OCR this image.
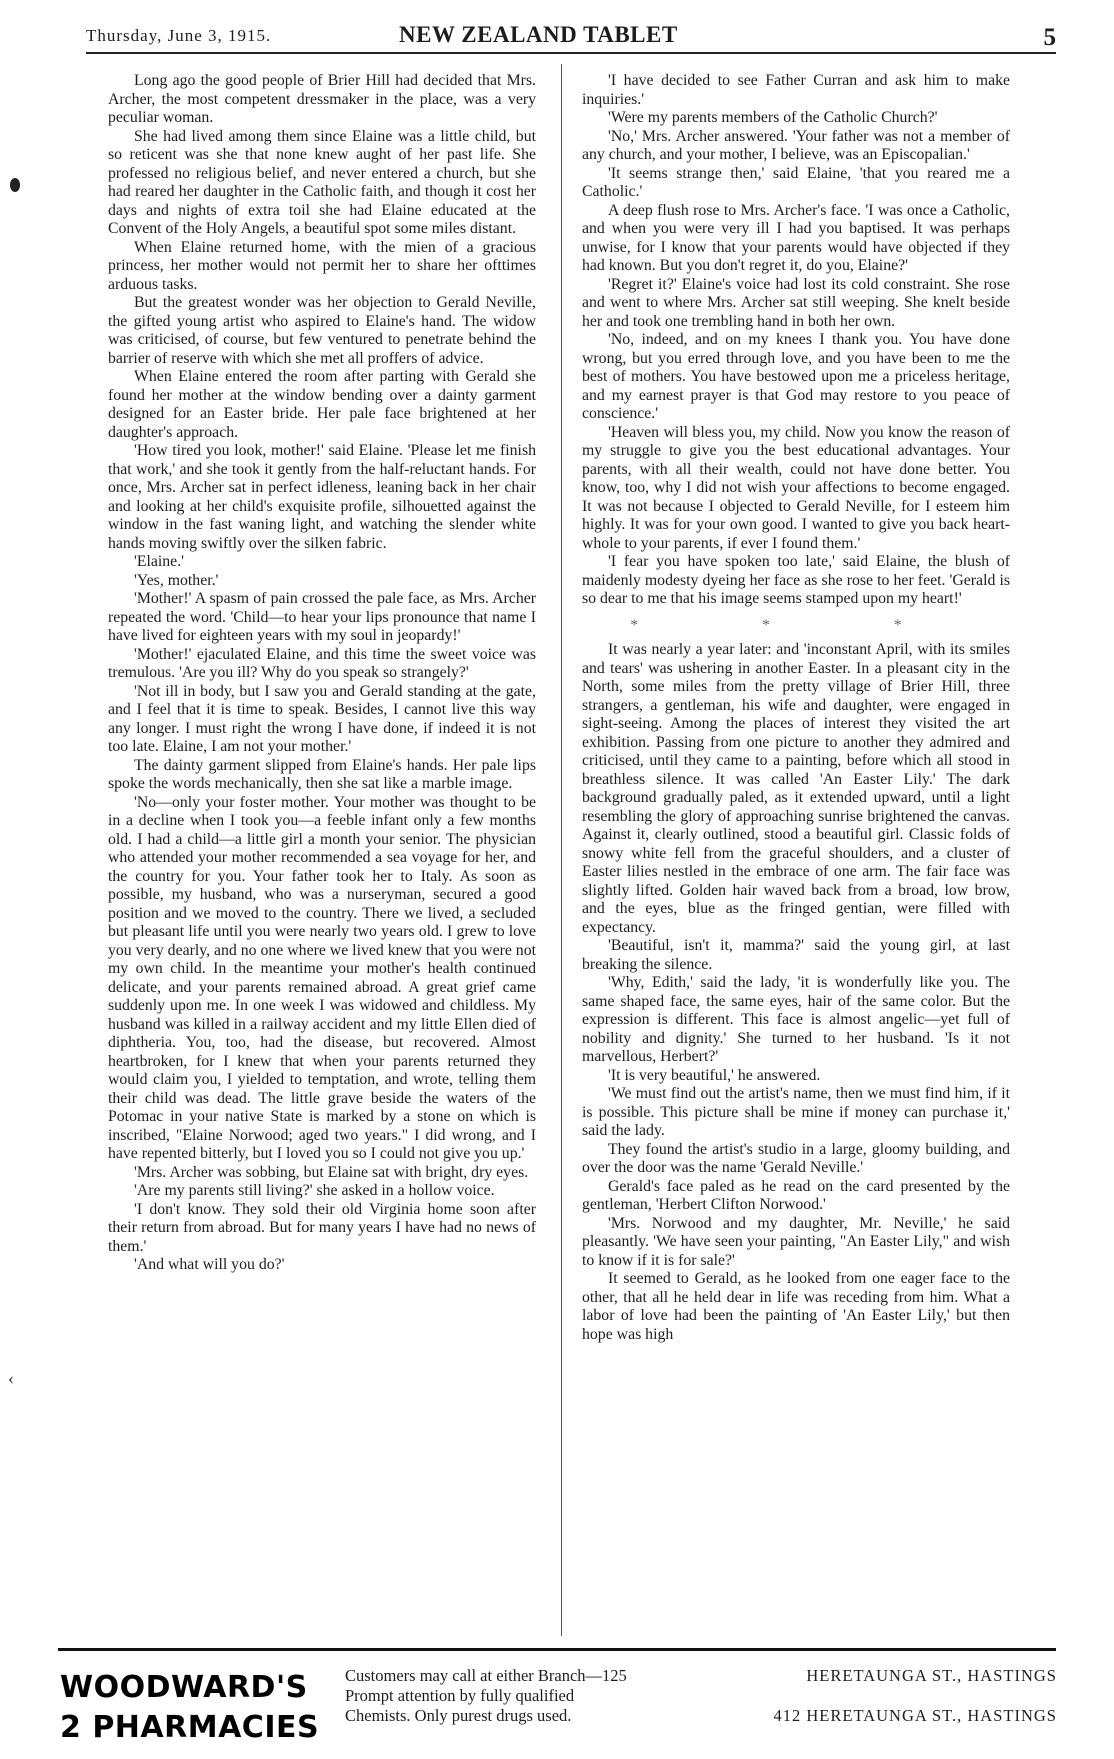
Thursday, June 3, 1915.	NEW ZEALAND TABLET	5
‹

Long ago the good people of Brier Hill had decided that Mrs. Archer, the most competent dressmaker in the place, was a very peculiar woman.

She had lived among them since Elaine was a little child, but so reticent was she that none knew aught of her past life. She professed no religious belief, and never entered a church, but she had reared her daughter in the Catholic faith, and though it cost her days and nights of extra toil she had Elaine educated at the Convent of the Holy Angels, a beautiful spot some miles distant.

When Elaine returned home, with the mien of a gracious princess, her mother would not permit her to share her ofttimes arduous tasks.

But the greatest wonder was her objection to Gerald Neville, the gifted young artist who aspired to Elaine's hand. The widow was criticised, of course, but few ventured to penetrate behind the barrier of reserve with which she met all proffers of advice.

When Elaine entered the room after parting with Gerald she found her mother at the window bending over a dainty garment designed for an Easter bride. Her pale face brightened at her daughter's approach.

'How tired you look, mother!' said Elaine. 'Please let me finish that work,' and she took it gently from the half-reluctant hands. For once, Mrs. Archer sat in perfect idleness, leaning back in her chair and looking at her child's exquisite profile, silhouetted against the window in the fast waning light, and watching the slender white hands moving swiftly over the silken fabric.

'Elaine.'

'Yes, mother.'

'Mother!' A spasm of pain crossed the pale face, as Mrs. Archer repeated the word. 'Child—to hear your lips pronounce that name I have lived for eighteen years with my soul in jeopardy!'

'Mother!' ejaculated Elaine, and this time the sweet voice was tremulous. 'Are you ill? Why do you speak so strangely?'

'Not ill in body, but I saw you and Gerald standing at the gate, and I feel that it is time to speak. Besides, I cannot live this way any longer. I must right the wrong I have done, if indeed it is not too late. Elaine, I am not your mother.'

The dainty garment slipped from Elaine's hands. Her pale lips spoke the words mechanically, then she sat like a marble image.

'No—only your foster mother. Your mother was thought to be in a decline when I took you—a feeble infant only a few months old. I had a child—a little girl a month your senior. The physician who attended your mother recommended a sea voyage for her, and the country for you. Your father took her to Italy. As soon as possible, my husband, who was a nurseryman, secured a good position and we moved to the country. There we lived, a secluded but pleasant life until you were nearly two years old. I grew to love you very dearly, and no one where we lived knew that you were not my own child. In the meantime your mother's health continued delicate, and your parents remained abroad. A great grief came suddenly upon me. In one week I was widowed and childless. My husband was killed in a railway accident and my little Ellen died of diphtheria. You, too, had the disease, but recovered. Almost heartbroken, for I knew that when your parents returned they would claim you, I yielded to temptation, and wrote, telling them their child was dead. The little grave beside the waters of the Potomac in your native State is marked by a stone on which is inscribed, "Elaine Norwood; aged two years." I did wrong, and I have repented bitterly, but I loved you so I could not give you up.'

'Mrs. Archer was sobbing, but Elaine sat with bright, dry eyes.

'Are my parents still living?' she asked in a hollow voice.

'I don't know. They sold their old Virginia home soon after their return from abroad. But for many years I have had no news of them.'

'And what will you do?'

'I have decided to see Father Curran and ask him to make inquiries.'

'Were my parents members of the Catholic Church?'

'No,' Mrs. Archer answered. 'Your father was not a member of any church, and your mother, I believe, was an Episcopalian.'

'It seems strange then,' said Elaine, 'that you reared me a Catholic.'

A deep flush rose to Mrs. Archer's face. 'I was once a Catholic, and when you were very ill I had you baptised. It was perhaps unwise, for I know that your parents would have objected if they had known. But you don't regret it, do you, Elaine?'

'Regret it?' Elaine's voice had lost its cold constraint. She rose and went to where Mrs. Archer sat still weeping. She knelt beside her and took one trembling hand in both her own.

'No, indeed, and on my knees I thank you. You have done wrong, but you erred through love, and you have been to me the best of mothers. You have bestowed upon me a priceless heritage, and my earnest prayer is that God may restore to you peace of conscience.'

'Heaven will bless you, my child. Now you know the reason of my struggle to give you the best educational advantages. Your parents, with all their wealth, could not have done better. You know, too, why I did not wish your affections to become engaged. It was not because I objected to Gerald Neville, for I esteem him highly. It was for your own good. I wanted to give you back heart-whole to your parents, if ever I found them.'

'I fear you have spoken too late,' said Elaine, the blush of maidenly modesty dyeing her face as she rose to her feet. 'Gerald is so dear to me that his image seems stamped upon my heart!'

* * *

It was nearly a year later: and 'inconstant April, with its smiles and tears' was ushering in another Easter. In a pleasant city in the North, some miles from the pretty village of Brier Hill, three strangers, a gentleman, his wife and daughter, were engaged in sight-seeing. Among the places of interest they visited the art exhibition. Passing from one picture to another they admired and criticised, until they came to a painting, before which all stood in breathless silence. It was called 'An Easter Lily.' The dark background gradually paled, as it extended upward, until a light resembling the glory of approaching sunrise brightened the canvas. Against it, clearly outlined, stood a beautiful girl. Classic folds of snowy white fell from the graceful shoulders, and a cluster of Easter lilies nestled in the embrace of one arm. The fair face was slightly lifted. Golden hair waved back from a broad, low brow, and the eyes, blue as the fringed gentian, were filled with expectancy.

'Beautiful, isn't it, mamma?' said the young girl, at last breaking the silence.

'Why, Edith,' said the lady, 'it is wonderfully like you. The same shaped face, the same eyes, hair of the same color. But the expression is different. This face is almost angelic—yet full of nobility and dignity.' She turned to her husband. 'Is it not marvellous, Herbert?'

'It is very beautiful,' he answered.

'We must find out the artist's name, then we must find him, if it is possible. This picture shall be mine if money can purchase it,' said the lady.

They found the artist's studio in a large, gloomy building, and over the door was the name 'Gerald Neville.'

Gerald's face paled as he read on the card presented by the gentleman, 'Herbert Clifton Norwood.'

'Mrs. Norwood and my daughter, Mr. Neville,' he said pleasantly. 'We have seen your painting, "An Easter Lily," and wish to know if it is for sale?'

It seemed to Gerald, as he looked from one eager face to the other, that all he held dear in life was receding from him. What a labor of love had been the painting of 'An Easter Lily,' but then hope was high

WOODWARD'S
2 PHARMACIES
Customers may call at either Branch—125	HERETAUNGA ST., HASTINGS
Prompt attention by fully qualified
Chemists. Only purest drugs used.	412 HERETAUNGA ST., HASTINGS
